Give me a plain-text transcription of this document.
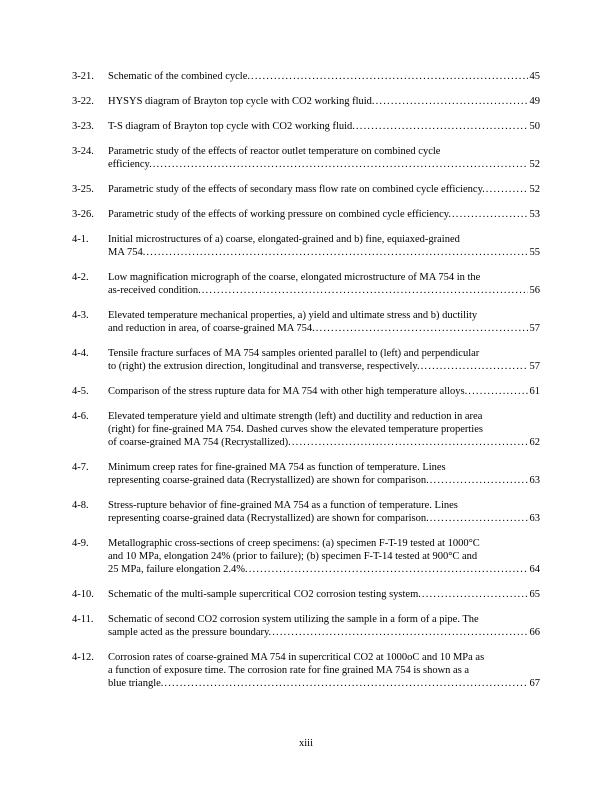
3-21.	Schematic of the combined cycle. .....	45
3-22.	HYSYS diagram of Brayton top cycle with CO2 working fluid. .....	49
3-23.	T-S diagram of Brayton top cycle with CO2 working fluid. .....	50
3-24.	Parametric study of the effects of reactor outlet temperature on combined cycle
efficiency. .....	52
3-25.	Parametric study of the effects of secondary mass flow rate on combined cycle efficiency. .....	52
3-26.	Parametric study of the effects of working pressure on combined cycle efficiency. .....	53
4-1.	Initial microstructures of a) coarse, elongated-grained and b) fine, equiaxed-grained
MA 754. .....	55
4-2.	Low magnification micrograph of the coarse, elongated microstructure of MA 754 in the
as-received condition. .....	56
4-3.	Elevated temperature mechanical properties, a) yield and ultimate stress and b) ductility
and reduction in area, of coarse-grained MA 754. .....	57
4-4.	Tensile fracture surfaces of MA 754 samples oriented parallel to (left) and perpendicular
to (right) the extrusion direction, longitudinal and transverse, respectively. .....	57
4-5.	Comparison of the stress rupture data for MA 754 with other high temperature alloys. .....	61
4-6.	Elevated temperature yield and ultimate strength (left) and ductility and reduction in area
(right) for fine-grained MA 754. Dashed curves show the elevated temperature properties
of coarse-grained MA 754 (Recrystallized). .....	62
4-7.	Minimum creep rates for fine-grained MA 754 as function of temperature. Lines
representing coarse-grained data (Recrystallized) are shown for comparison. .....	63
4-8.	Stress-rupture behavior of fine-grained MA 754 as a function of temperature. Lines
representing coarse-grained data (Recrystallized) are shown for comparison. .....	63
4-9.	Metallographic cross-sections of creep specimens: (a) specimen F-T-19 tested at 1000°C
and 10 MPa, elongation 24% (prior to failure); (b) specimen F-T-14 tested at 900°C and
25 MPa, failure elongation 2.4%. .....	64
4-10.	Schematic of the multi-sample supercritical CO2 corrosion testing system. .....	65
4-11.	Schematic of second CO2 corrosion system utilizing the sample in a form of a pipe. The
sample acted as the pressure boundary. .....	66
4-12.	Corrosion rates of coarse-grained MA 754 in supercritical CO2 at 1000oC and 10 MPa as
a function of exposure time. The corrosion rate for fine grained MA 754 is shown as a
blue triangle. .....	67
xiii
